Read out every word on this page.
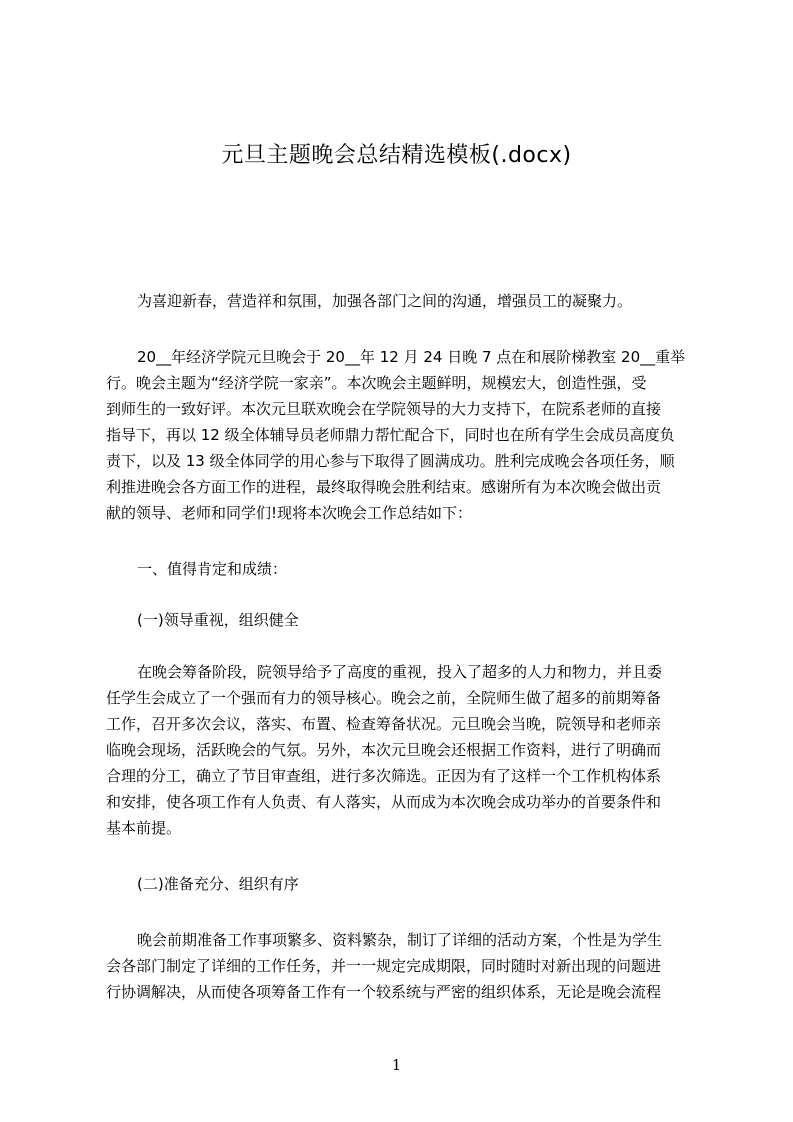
元旦主题晚会总结精选模板(.docx)
为喜迎新春，营造祥和氛围，加强各部门之间的沟通，增强员工的凝聚力。
20__年经济学院元旦晚会于 20__年 12 月 24 日晚 7 点在和展阶梯教室 20__重举
行。晚会主题为“经济学院一家亲”。本次晚会主题鲜明，规模宏大，创造性强，受
到师生的一致好评。本次元旦联欢晚会在学院领导的大力支持下，在院系老师的直接
指导下，再以 12 级全体辅导员老师鼎力帮忙配合下，同时也在所有学生会成员高度负
责下，以及 13 级全体同学的用心参与下取得了圆满成功。胜利完成晚会各项任务，顺
利推进晚会各方面工作的进程，最终取得晚会胜利结束。感谢所有为本次晚会做出贡
献的领导、老师和同学们!现将本次晚会工作总结如下：
一、值得肯定和成绩：
(一)领导重视，组织健全
在晚会筹备阶段，院领导给予了高度的重视，投入了超多的人力和物力，并且委
任学生会成立了一个强而有力的领导核心。晚会之前，全院师生做了超多的前期筹备
工作，召开多次会议，落实、布置、检查筹备状况。元旦晚会当晚，院领导和老师亲
临晚会现场，活跃晚会的气氛。另外，本次元旦晚会还根据工作资料，进行了明确而
合理的分工，确立了节目审查组，进行多次筛选。正因为有了这样一个工作机构体系
和安排，使各项工作有人负责、有人落实，从而成为本次晚会成功举办的首要条件和
基本前提。
(二)准备充分、组织有序
晚会前期准备工作事项繁多、资料繁杂，制订了详细的活动方案，个性是为学生
会各部门制定了详细的工作任务，并一一规定完成期限，同时随时对新出现的问题进
行协调解决，从而使各项筹备工作有一个较系统与严密的组织体系，无论是晚会流程
1
